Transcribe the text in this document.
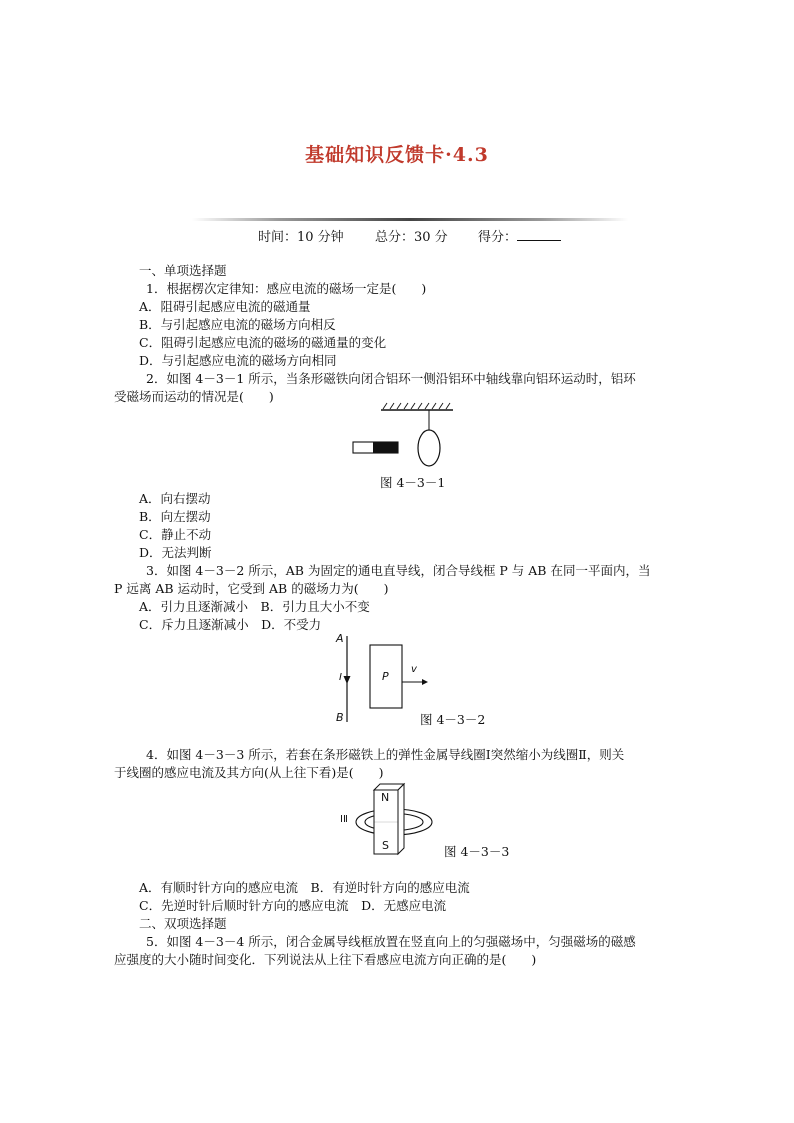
基础知识反馈卡·4.3
时间：10 分钟 总分：30 分 得分：
一、单项选择题
1．根据楞次定律知：感应电流的磁场一定是(　　)
A．阻碍引起感应电流的磁通量
B．与引起感应电流的磁场方向相反
C．阻碍引起感应电流的磁场的磁通量的变化
D．与引起感应电流的磁场方向相同
2．如图 4－3－1 所示，当条形磁铁向闭合铝环一侧沿铝环中轴线靠向铝环运动时，铝环
受磁场而运动的情况是(　　)
图 4－3－1
A．向右摆动
B．向左摆动
C．静止不动
D．无法判断
3．如图 4－3－2 所示，AB 为固定的通电直导线，闭合导线框 P 与 AB 在同一平面内，当
P 远离 AB 运动时，它受到 AB 的磁场力为(　　)
A．引力且逐渐减小　B．引力且大小不变
C．斥力且逐渐减小　D．不受力
A
B
I	P
v
图 4－3－2
4．如图 4－3－3 所示，若套在条形磁铁上的弹性金属导线圈Ⅰ突然缩小为线圈Ⅱ，则关
于线圈的感应电流及其方向(从上往下看)是(　　)
N
S
ⅠⅡ
图 4－3－3
A．有顺时针方向的感应电流　B．有逆时针方向的感应电流
C．先逆时针后顺时针方向的感应电流　D．无感应电流
二、双项选择题
5．如图 4－3－4 所示，闭合金属导线框放置在竖直向上的匀强磁场中，匀强磁场的磁感
应强度的大小随时间变化．下列说法从上往下看感应电流方向正确的是(　　)
